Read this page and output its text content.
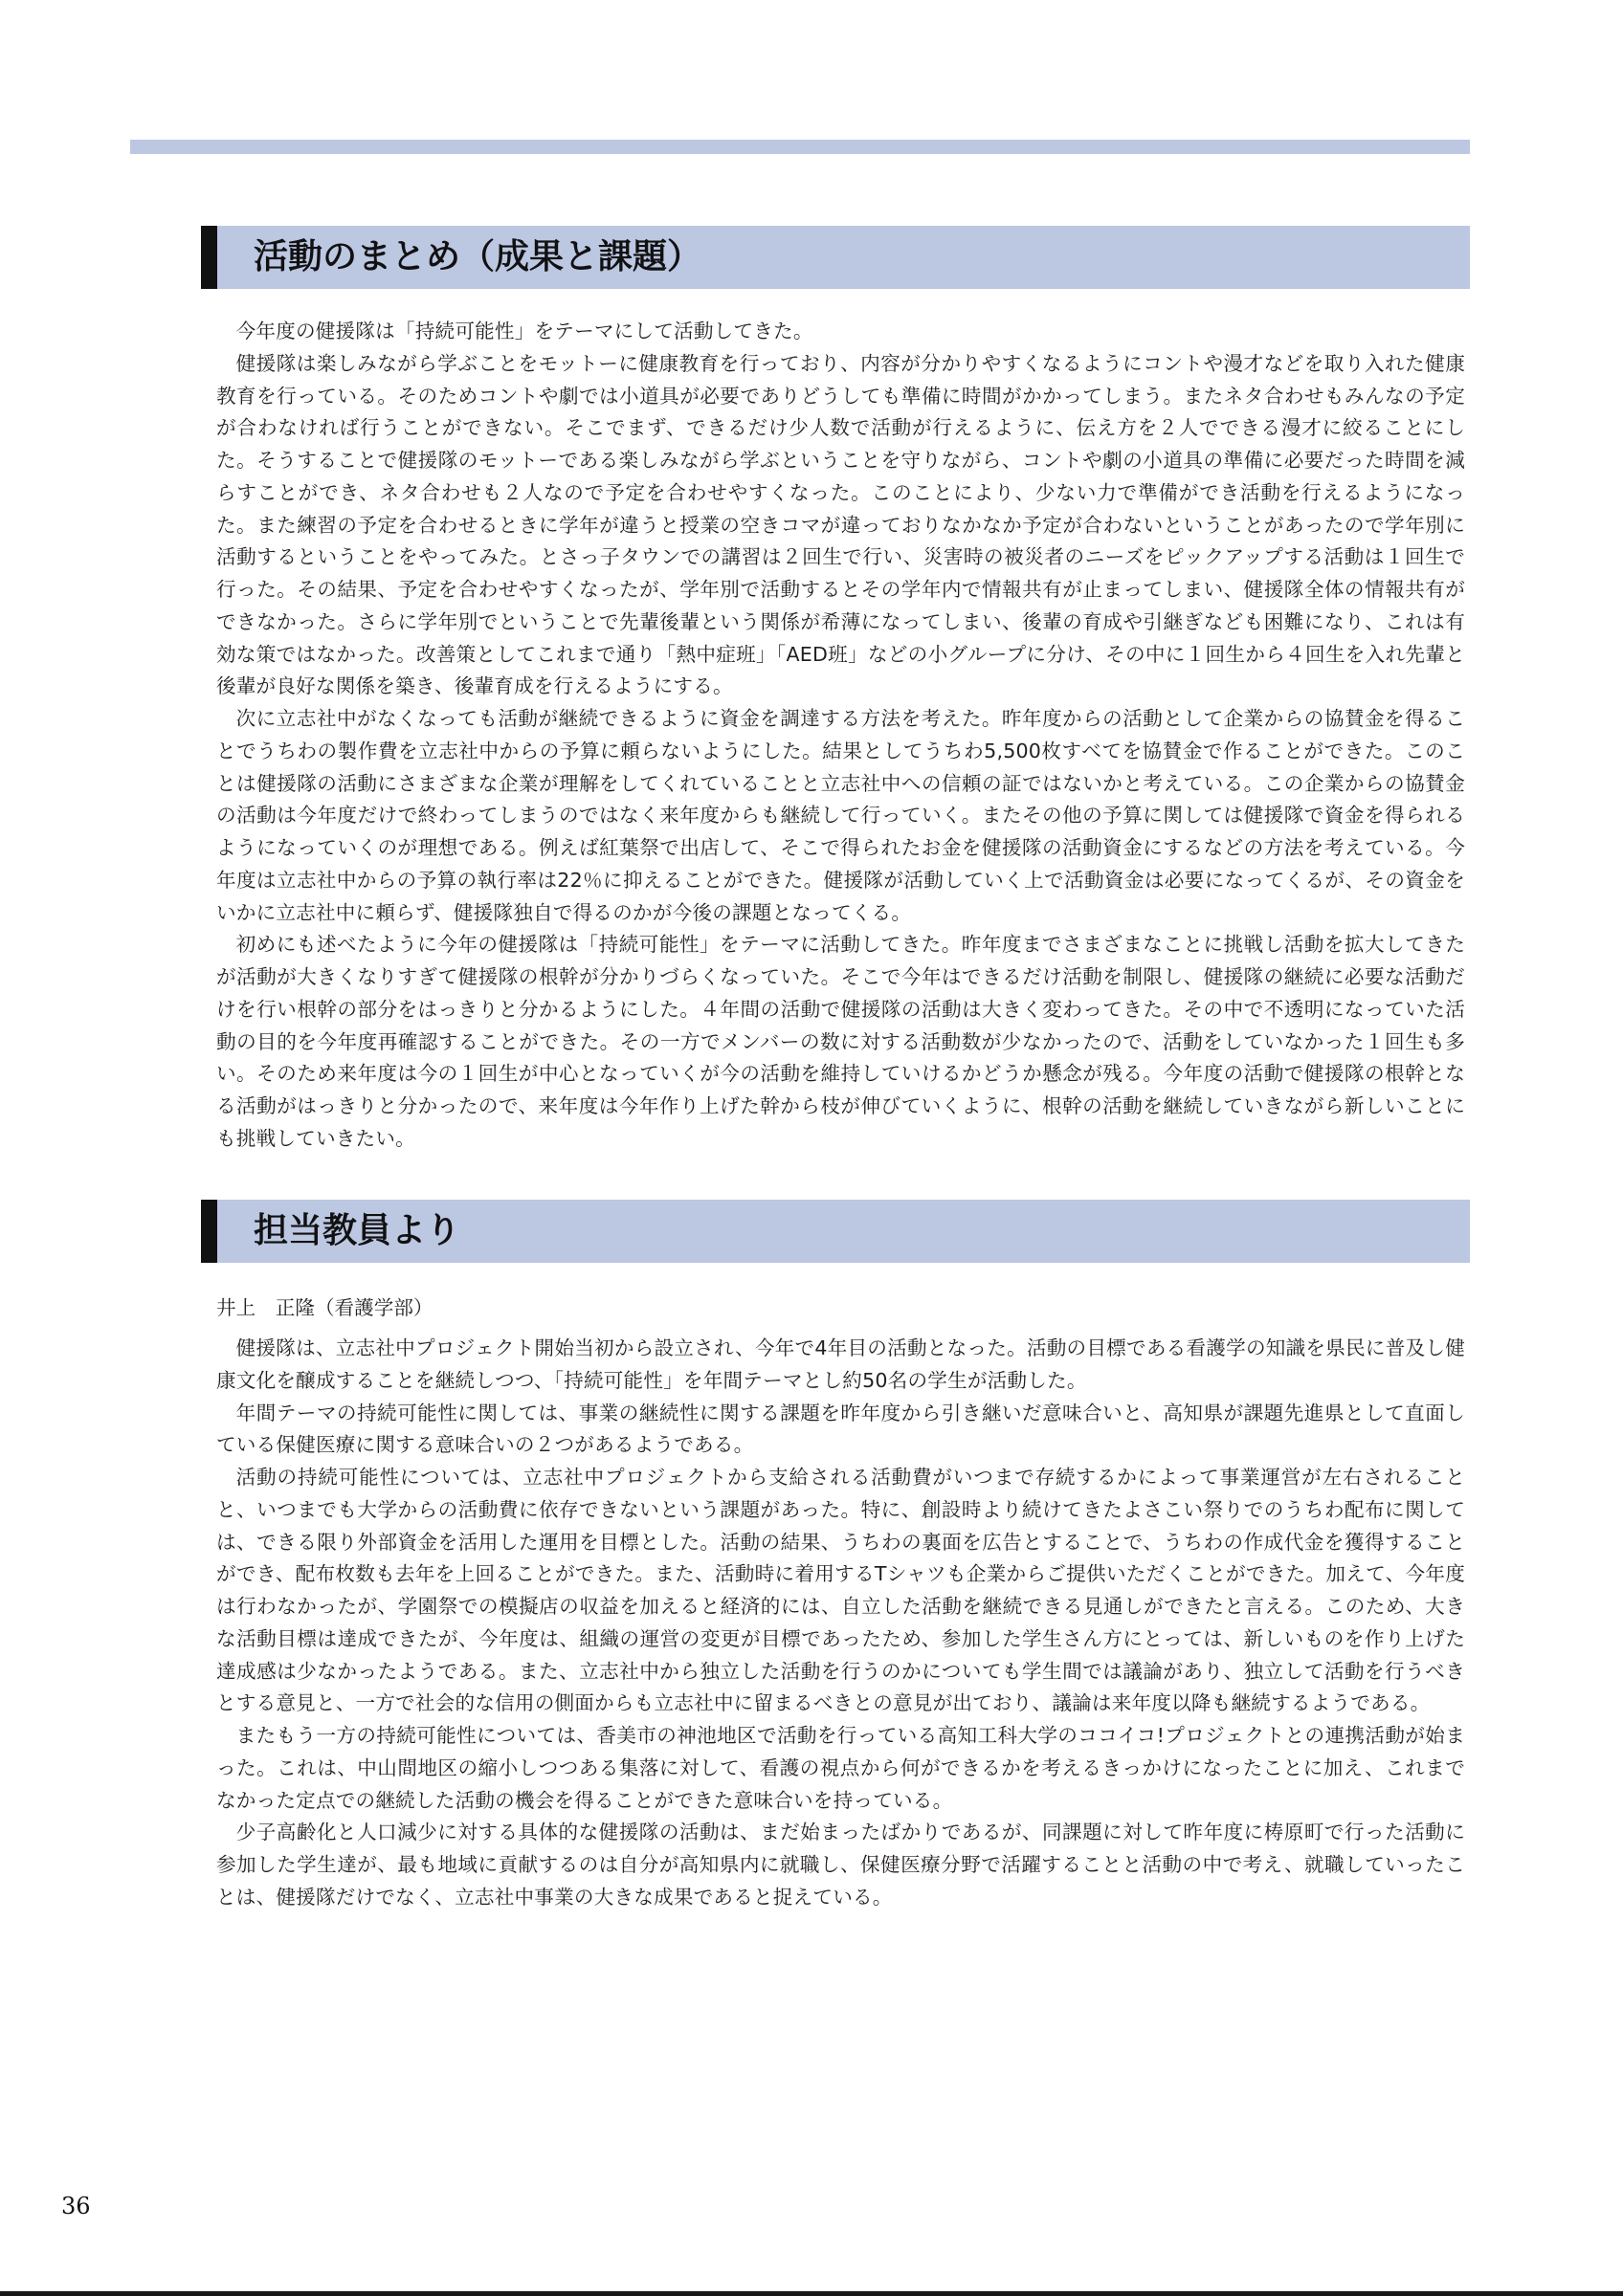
活動のまとめ（成果と課題）

今年度の健援隊は「持続可能性」をテーマにして活動してきた。

健援隊は楽しみながら学ぶことをモットーに健康教育を行っており、内容が分かりやすくなるようにコントや漫才などを取り入れた健康教育を行っている。そのためコントや劇では小道具が必要でありどうしても準備に時間がかかってしまう。またネタ合わせもみんなの予定が合わなければ行うことができない。そこでまず、できるだけ少人数で活動が行えるように、伝え方を２人でできる漫才に絞ることにした。そうすることで健援隊のモットーである楽しみながら学ぶということを守りながら、コントや劇の小道具の準備に必要だった時間を減らすことができ、ネタ合わせも２人なので予定を合わせやすくなった。このことにより、少ない力で準備ができ活動を行えるようになった。また練習の予定を合わせるときに学年が違うと授業の空きコマが違っておりなかなか予定が合わないということがあったので学年別に活動するということをやってみた。とさっ子タウンでの講習は２回生で行い、災害時の被災者のニーズをピックアップする活動は１回生で行った。その結果、予定を合わせやすくなったが、学年別で活動するとその学年内で情報共有が止まってしまい、健援隊全体の情報共有ができなかった。さらに学年別でということで先輩後輩という関係が希薄になってしまい、後輩の育成や引継ぎなども困難になり、これは有効な策ではなかった。改善策としてこれまで通り「熱中症班」「AED班」などの小グループに分け、その中に１回生から４回生を入れ先輩と後輩が良好な関係を築き、後輩育成を行えるようにする。

次に立志社中がなくなっても活動が継続できるように資金を調達する方法を考えた。昨年度からの活動として企業からの協賛金を得ることでうちわの製作費を立志社中からの予算に頼らないようにした。結果としてうちわ5,500枚すべてを協賛金で作ることができた。このことは健援隊の活動にさまざまな企業が理解をしてくれていることと立志社中への信頼の証ではないかと考えている。この企業からの協賛金の活動は今年度だけで終わってしまうのではなく来年度からも継続して行っていく。またその他の予算に関しては健援隊で資金を得られるようになっていくのが理想である。例えば紅葉祭で出店して、そこで得られたお金を健援隊の活動資金にするなどの方法を考えている。今年度は立志社中からの予算の執行率は22％に抑えることができた。健援隊が活動していく上で活動資金は必要になってくるが、その資金をいかに立志社中に頼らず、健援隊独自で得るのかが今後の課題となってくる。

初めにも述べたように今年の健援隊は「持続可能性」をテーマに活動してきた。昨年度までさまざまなことに挑戦し活動を拡大してきたが活動が大きくなりすぎて健援隊の根幹が分かりづらくなっていた。そこで今年はできるだけ活動を制限し、健援隊の継続に必要な活動だけを行い根幹の部分をはっきりと分かるようにした。４年間の活動で健援隊の活動は大きく変わってきた。その中で不透明になっていた活動の目的を今年度再確認することができた。その一方でメンバーの数に対する活動数が少なかったので、活動をしていなかった１回生も多い。そのため来年度は今の１回生が中心となっていくが今の活動を維持していけるかどうか懸念が残る。今年度の活動で健援隊の根幹となる活動がはっきりと分かったので、来年度は今年作り上げた幹から枝が伸びていくように、根幹の活動を継続していきながら新しいことにも挑戦していきたい。

担当教員より
井上　正隆（看護学部）

健援隊は、立志社中プロジェクト開始当初から設立され、今年で4年目の活動となった。活動の目標である看護学の知識を県民に普及し健康文化を醸成することを継続しつつ、「持続可能性」を年間テーマとし約50名の学生が活動した。

年間テーマの持続可能性に関しては、事業の継続性に関する課題を昨年度から引き継いだ意味合いと、高知県が課題先進県として直面している保健医療に関する意味合いの２つがあるようである。

活動の持続可能性については、立志社中プロジェクトから支給される活動費がいつまで存続するかによって事業運営が左右されることと、いつまでも大学からの活動費に依存できないという課題があった。特に、創設時より続けてきたよさこい祭りでのうちわ配布に関しては、できる限り外部資金を活用した運用を目標とした。活動の結果、うちわの裏面を広告とすることで、うちわの作成代金を獲得することができ、配布枚数も去年を上回ることができた。また、活動時に着用するTシャツも企業からご提供いただくことができた。加えて、今年度は行わなかったが、学園祭での模擬店の収益を加えると経済的には、自立した活動を継続できる見通しができたと言える。このため、大きな活動目標は達成できたが、今年度は、組織の運営の変更が目標であったため、参加した学生さん方にとっては、新しいものを作り上げた達成感は少なかったようである。また、立志社中から独立した活動を行うのかについても学生間では議論があり、独立して活動を行うべきとする意見と、一方で社会的な信用の側面からも立志社中に留まるべきとの意見が出ており、議論は来年度以降も継続するようである。

またもう一方の持続可能性については、香美市の神池地区で活動を行っている高知工科大学のココイコ!プロジェクトとの連携活動が始まった。これは、中山間地区の縮小しつつある集落に対して、看護の視点から何ができるかを考えるきっかけになったことに加え、これまでなかった定点での継続した活動の機会を得ることができた意味合いを持っている。

少子高齢化と人口減少に対する具体的な健援隊の活動は、まだ始まったばかりであるが、同課題に対して昨年度に梼原町で行った活動に参加した学生達が、最も地域に貢献するのは自分が高知県内に就職し、保健医療分野で活躍することと活動の中で考え、就職していったことは、健援隊だけでなく、立志社中事業の大きな成果であると捉えている。

36
